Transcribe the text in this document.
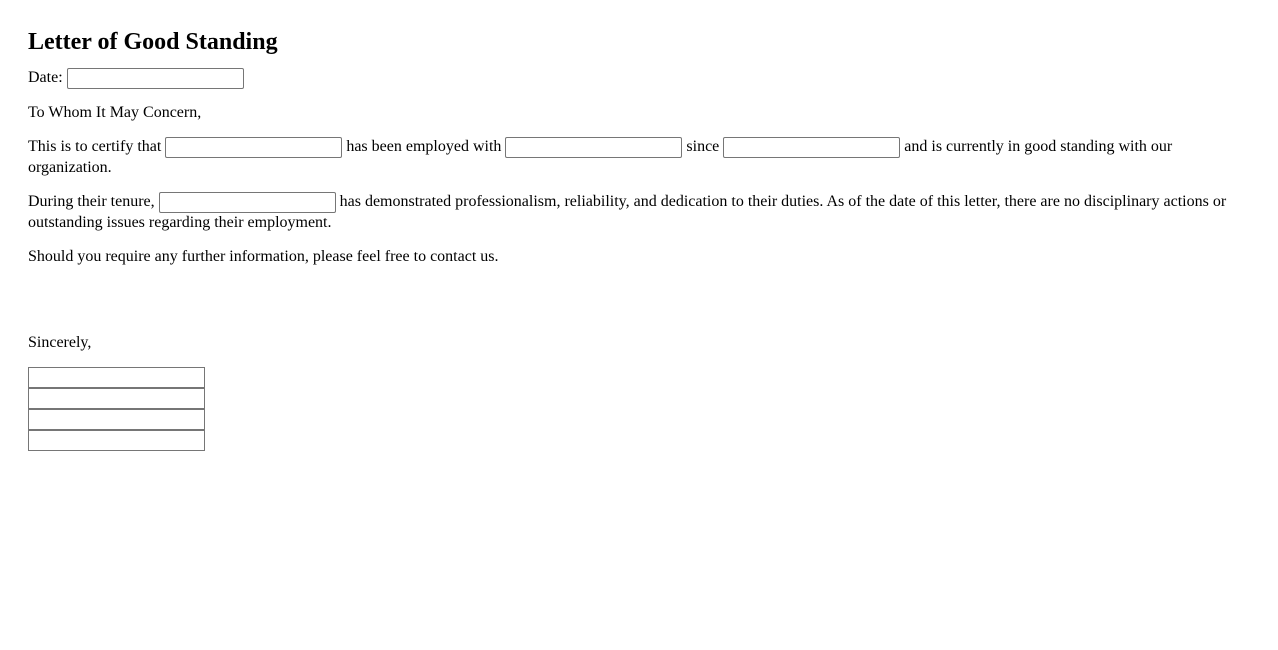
Letter of Good Standing

Date:

To Whom It May Concern,

This is to certify that	has been employed with	since	and is currently in good standing with our organization.

During their tenure,	has demonstrated professionalism, reliability, and dedication to their duties. As of the date of this letter, there are no disciplinary actions or outstanding issues regarding their employment.

Should you require any further information, please feel free to contact us.

Sincerely,
